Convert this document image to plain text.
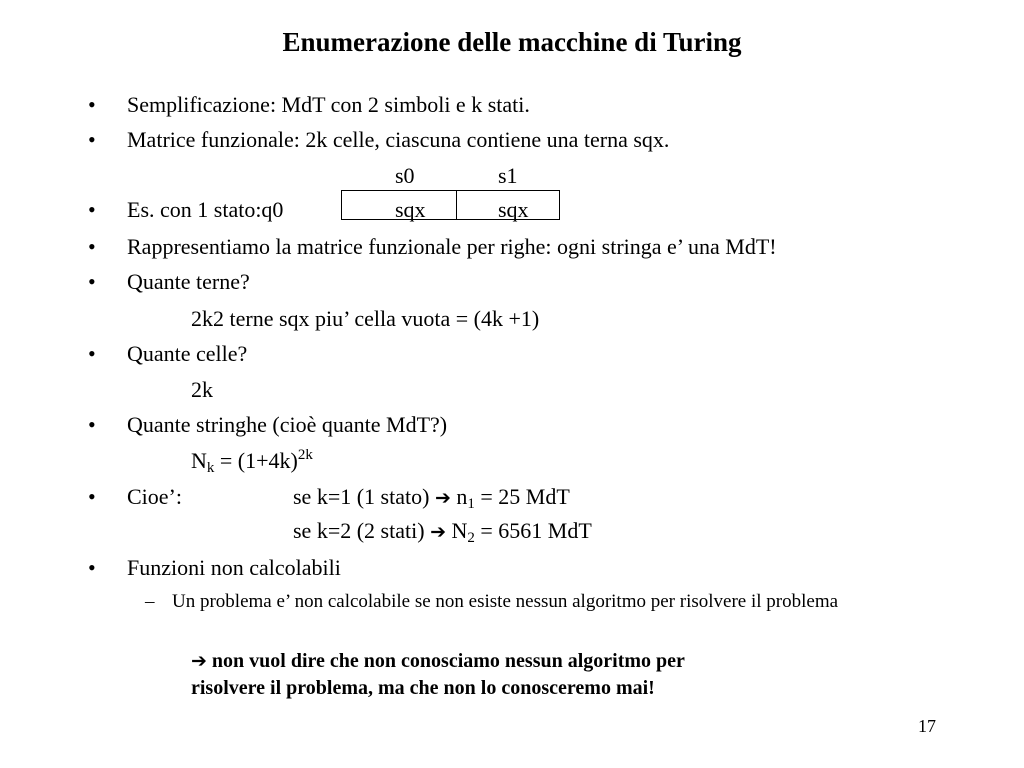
Enumerazione delle macchine di Turing
• Semplificazione: MdT con 2 simboli e k stati.
• Matrice funzionale: 2k celle, ciascuna contiene una terna sqx.
s0	s1
• Es. con 1 stato:q0	sqx	sqx
• Rappresentiamo la matrice funzionale per righe: ogni stringa e’ una MdT!
• Quante terne?
2k2 terne sqx piu’ cella vuota = (4k +1)
• Quante celle?
2k
• Quante stringhe (cioè quante MdT?)
$N_k = (1+4k)^{2k}$
• Cioe’:	se k=1 (1 stato) ➔ $n_1 = 25$ MdT
se k=2 (2 stati) ➔ $N_2 = 6561$ MdT
• Funzioni non calcolabili
– Un problema e’ non calcolabile se non esiste nessun algoritmo per risolvere il problema
➔ non vuol dire che non conosciamo nessun algoritmo per
risolvere il problema, ma che non lo conosceremo mai!
17
